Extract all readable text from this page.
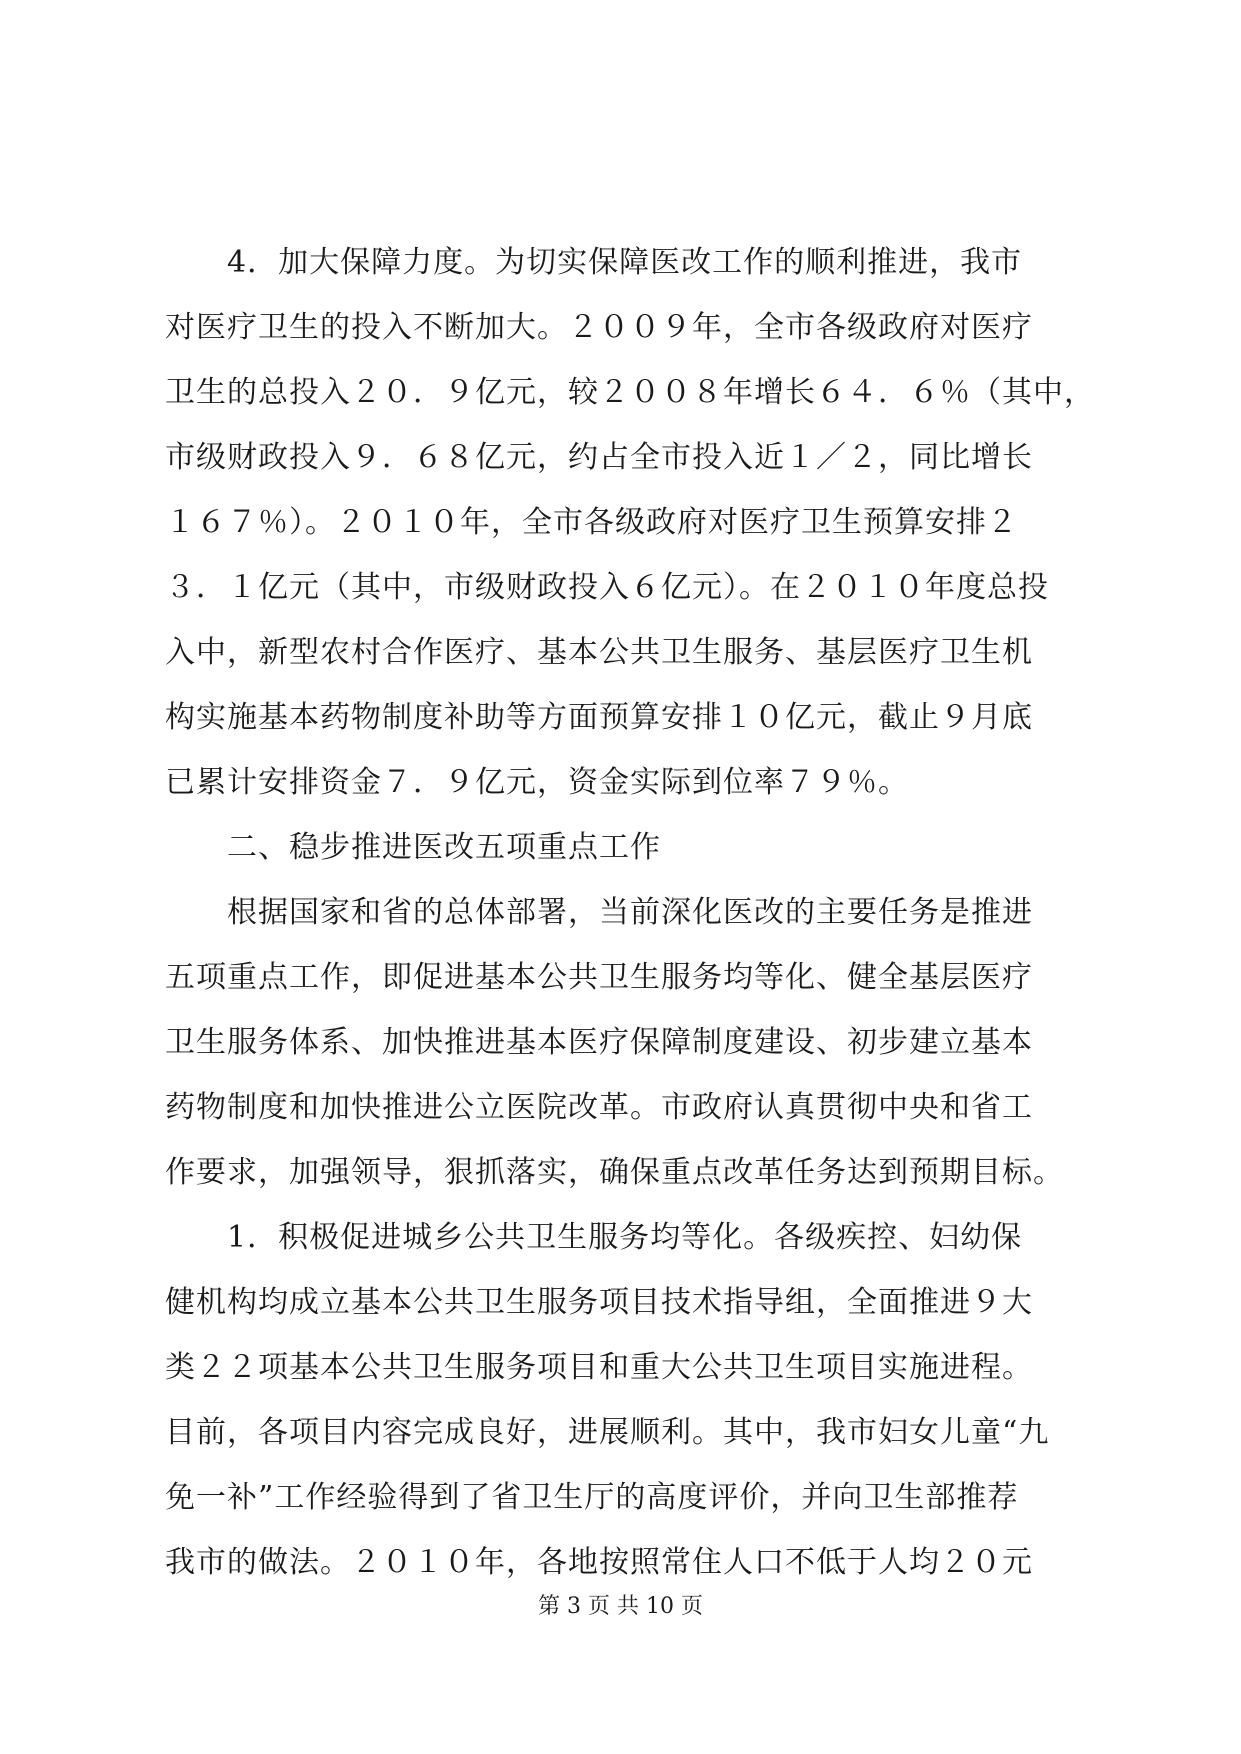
　　4．加大保障力度。为切实保障医改工作的顺利推进，我市
对医疗卫生的投入不断加大。２００９年，全市各级政府对医疗
卫生的总投入２０．９亿元，较２００８年增长６４．６％（其中，
市级财政投入９．６８亿元，约占全市投入近１／２，同比增长
１６７％）。２０１０年，全市各级政府对医疗卫生预算安排２
３．１亿元（其中，市级财政投入６亿元）。在２０１０年度总投
入中，新型农村合作医疗、基本公共卫生服务、基层医疗卫生机
构实施基本药物制度补助等方面预算安排１０亿元，截止９月底
已累计安排资金７．９亿元，资金实际到位率７９％。
　　二、稳步推进医改五项重点工作
　　根据国家和省的总体部署，当前深化医改的主要任务是推进
五项重点工作，即促进基本公共卫生服务均等化、健全基层医疗
卫生服务体系、加快推进基本医疗保障制度建设、初步建立基本
药物制度和加快推进公立医院改革。市政府认真贯彻中央和省工
作要求，加强领导，狠抓落实，确保重点改革任务达到预期目标。
　　1．积极促进城乡公共卫生服务均等化。各级疾控、妇幼保
健机构均成立基本公共卫生服务项目技术指导组，全面推进９大
类２２项基本公共卫生服务项目和重大公共卫生项目实施进程。
目前，各项目内容完成良好，进展顺利。其中，我市妇女儿童“九
免一补”工作经验得到了省卫生厅的高度评价，并向卫生部推荐
我市的做法。２０１０年，各地按照常住人口不低于人均２０元
第 3 页 共 10 页
